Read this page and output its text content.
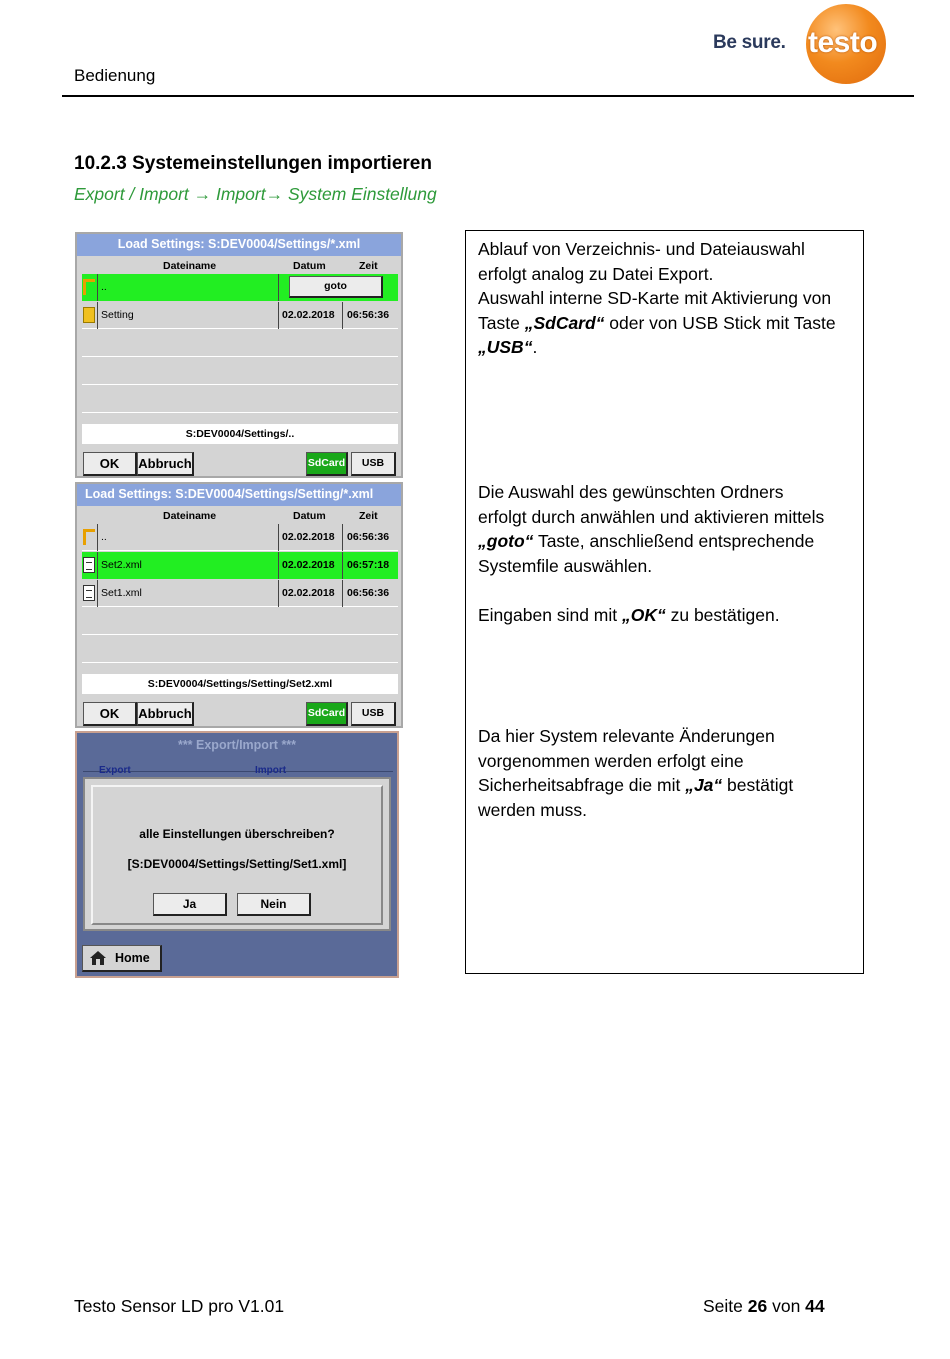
Bedienung
Be sure. testo
10.2.3 Systemeinstellungen importieren
Export / Import → Import→ System Einstellung
Load Settings: S:DEV0004/Settings/*.xml
Dateiname	Datum	Zeit
..	goto
Setting	02.02.2018 06:56:36
S:DEV0004/Settings/..
OK	Abbruch	SdCard	USB
Load Settings: S:DEV0004/Settings/Setting/*.xml
Dateiname	Datum	Zeit
..	02.02.2018 06:56:36
Set2.xml	02.02.2018 06:57:18
Set1.xml	02.02.2018 06:56:36
S:DEV0004/Settings/Setting/Set2.xml
OK	Abbruch	SdCard	USB
*** Export/Import ***
Export	Import
alle Einstellungen überschreiben?
[S:DEV0004/Settings/Setting/Set1.xml]
Ja	Nein
Home
Ablauf von Verzeichnis- und Dateiauswahl
erfolgt analog zu Datei Export.
Auswahl interne SD-Karte mit Aktivierung von
Taste „SdCard“ oder von USB Stick mit Taste
„USB“.
Die Auswahl des gewünschten Ordners
erfolgt durch anwählen und aktivieren mittels
„goto“ Taste, anschließend entsprechende
Systemfile auswählen.
Eingaben sind mit „OK“ zu bestätigen.
Da hier System relevante Änderungen
vorgenommen werden erfolgt eine
Sicherheitsabfrage die mit „Ja“ bestätigt
werden muss.
Testo Sensor LD pro V1.01	Seite 26 von 44
